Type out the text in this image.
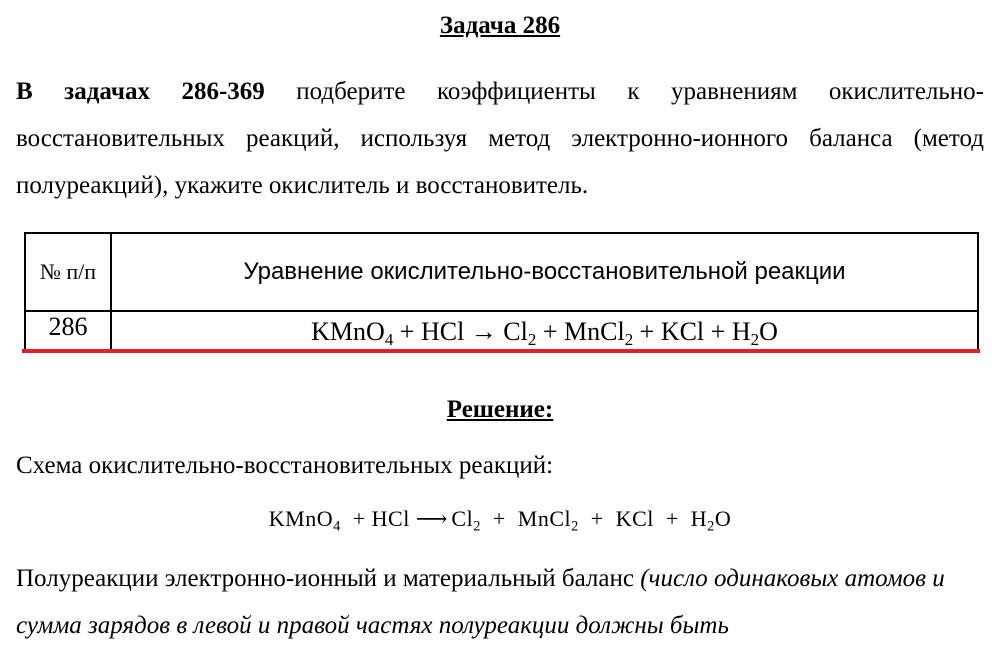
Задача 286
В задачах 286-369 подберите коэффициенты к уравнениям окислительно-восстановительных реакций, используя метод электронно-ионного баланса (метод полуреакций), укажите окислитель и восстановитель.
№ п/п	Уравнение окислительно-восстановительной реакции
286	KMnO$_4$ + HCl → $Cl_2$ + MnCl$_2$ + KCl + $H_2O$
Решение:
Схема окислительно-восстановительных реакций:
KMnO$_4$  + HCl ⟶ $Cl_2$  +  MnCl$_2$  +  KCl  +  $H_2O$
Полуреакции электронно-ионный и материальный баланс (число одинаковых атомов и сумма зарядов в левой и правой частях полуреакции должны быть
